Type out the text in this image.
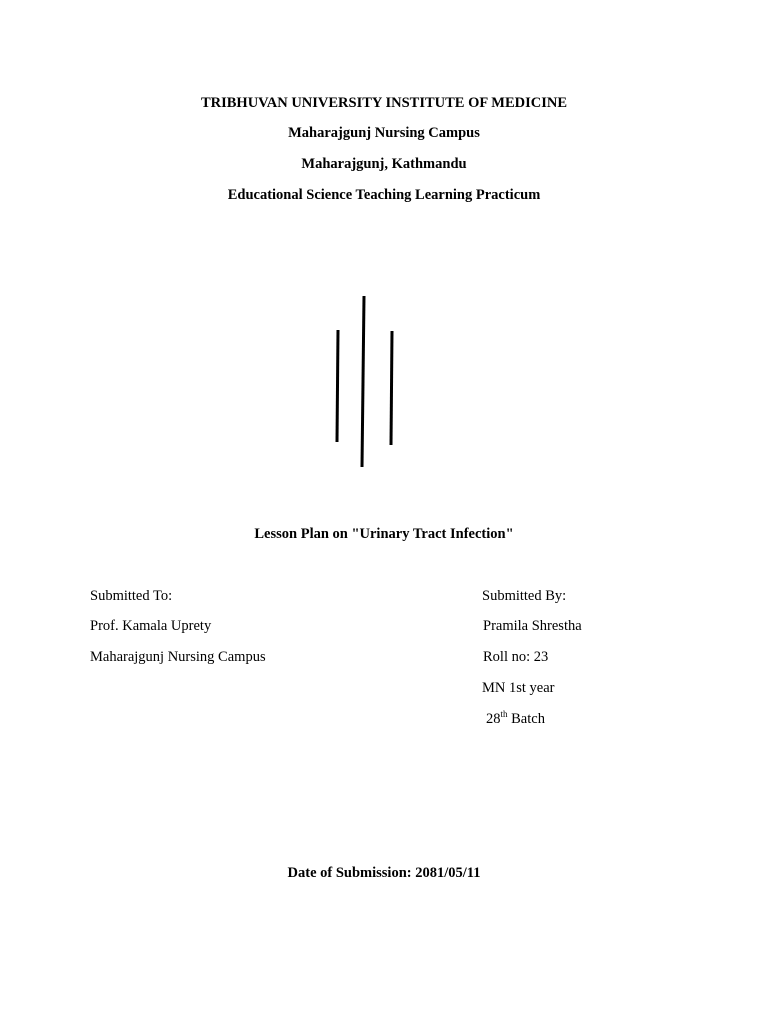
TRIBHUVAN UNIVERSITY INSTITUTE OF MEDICINE
Maharajgunj Nursing Campus
Maharajgunj, Kathmandu
Educational Science Teaching Learning Practicum
Lesson Plan on "Urinary Tract Infection"
Submitted To:
Prof. Kamala Uprety
Maharajgunj Nursing Campus
Submitted By:
Pramila Shrestha
Roll no: 23
MN 1st year
28th Batch
Date of Submission: 2081/05/11
